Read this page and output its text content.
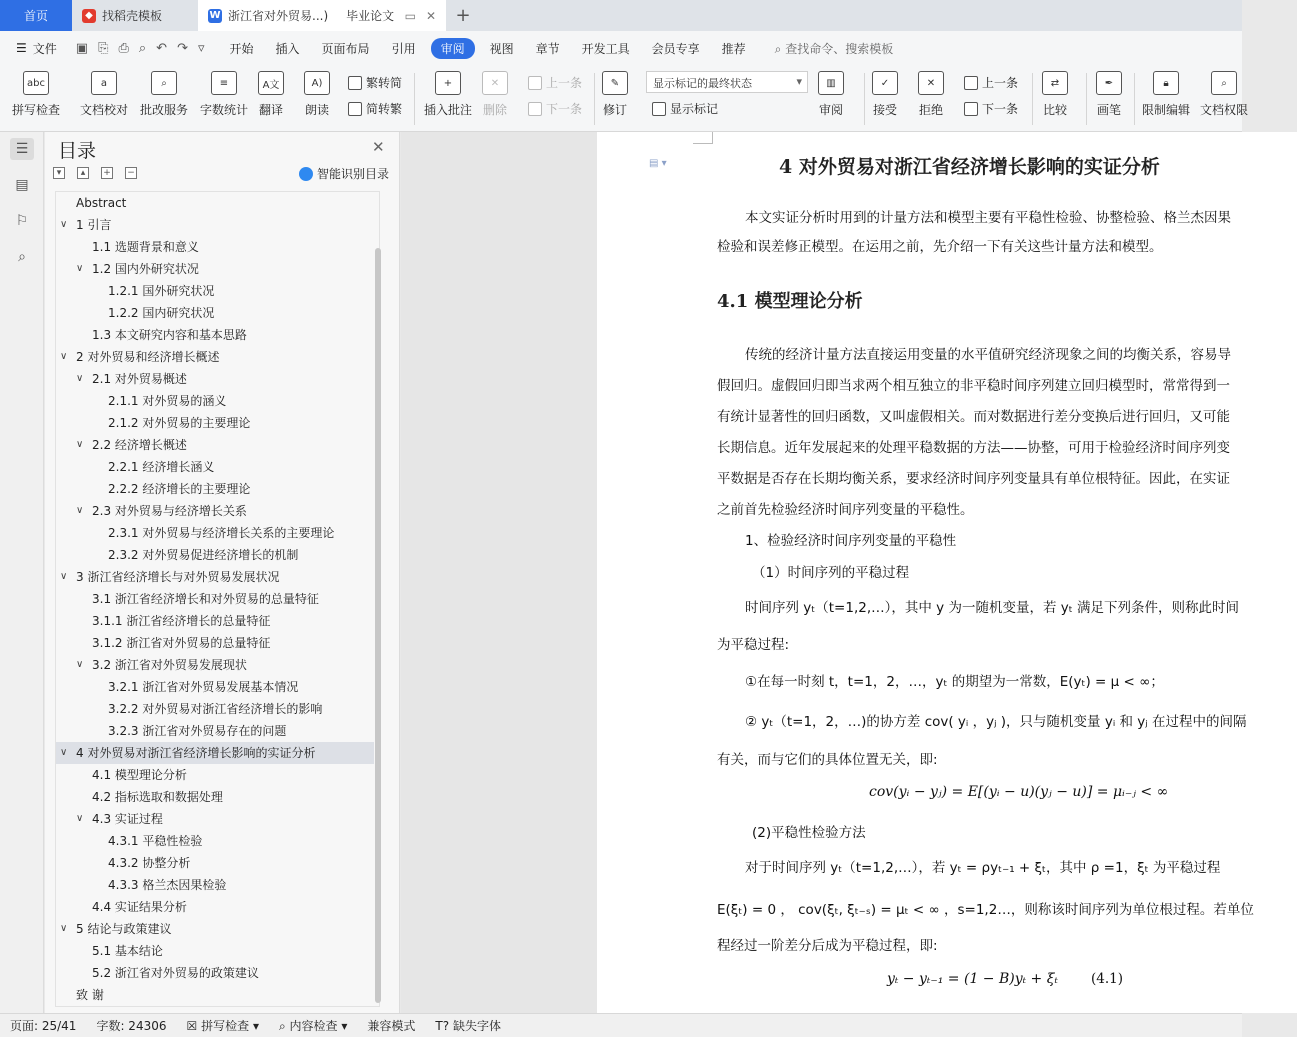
首页	◆ 找稻壳模板	W 浙江省对外贸易...) 毕业论文 ▭ ✕	+
☰ 文件 ▣ ⎘ ⎙ ⌕ ↶ ↷ ▿	开始	插入	页面布局	引用	审阅	视图	章节	开发工具	会员专享	推荐	⌕ 查找命令、搜索模板
abc
拼写检查
a
文档校对
⌕
批改服务
≡
字数统计
A文
翻译
A)
朗读
繁转简
简转繁
+
插入批注
✕
删除
上一条
下一条
✎
修订
显示标记的最终状态 ▾
显示标记
▥
审阅
✓
接受
✕
拒绝
上一条
下一条
⇄
比较
✒
画笔
🔒︎
限制编辑
⌕
文档权限
☰
▤
⚐
⌕
目录	✕
▾	▴	+ −	智能识别目录
Abstract
∨ 1 引言
1.1 选题背景和意义
∨ 1.2 国内外研究状况
1.2.1 国外研究状况
1.2.2 国内研究状况
1.3 本文研究内容和基本思路
∨ 2 对外贸易和经济增长概述
∨ 2.1 对外贸易概述
2.1.1 对外贸易的涵义
2.1.2 对外贸易的主要理论
∨ 2.2 经济增长概述
2.2.1 经济增长涵义
2.2.2 经济增长的主要理论
∨ 2.3 对外贸易与经济增长关系
2.3.1 对外贸易与经济增长关系的主要理论
2.3.2 对外贸易促进经济增长的机制
∨ 3 浙江省经济增长与对外贸易发展状况
3.1 浙江省经济增长和对外贸易的总量特征
3.1.1 浙江省经济增长的总量特征
3.1.2 浙江省对外贸易的总量特征
∨ 3.2 浙江省对外贸易发展现状
3.2.1 浙江省对外贸易发展基本情况
3.2.2 对外贸易对浙江省经济增长的影响
3.2.3 浙江省对外贸易存在的问题
∨ 4 对外贸易对浙江省经济增长影响的实证分析
4.1 模型理论分析
4.2 指标选取和数据处理
∨ 4.3 实证过程
4.3.1 平稳性检验
4.3.2 协整分析
4.3.3 格兰杰因果检验
4.4 实证结果分析
∨ 5 结论与政策建议
5.1 基本结论
5.2 浙江省对外贸易的政策建议
致 谢
▤ ▾	4 对外贸易对浙江省经济增长影响的实证分析
本文实证分析时用到的计量方法和模型主要有平稳性检验、协整检验、格兰杰因果
检验和误差修正模型。在运用之前，先介绍一下有关这些计量方法和模型。
4.1 模型理论分析
传统的经济计量方法直接运用变量的水平值研究经济现象之间的均衡关系，容易导
假回归。虚假回归即当求两个相互独立的非平稳时间序列建立回归模型时，常常得到一
有统计显著性的回归函数，又叫虚假相关。而对数据进行差分变换后进行回归，又可能
长期信息。近年发展起来的处理平稳数据的方法——协整，可用于检验经济时间序列变
平数据是否存在长期均衡关系，要求经济时间序列变量具有单位根特征。因此，在实证
之前首先检验经济时间序列变量的平稳性。
1、检验经济时间序列变量的平稳性
（1）时间序列的平稳过程
时间序列 yₜ（t=1,2,…），其中 y 为一随机变量，若 yₜ 满足下列条件，则称此时间
为平稳过程:
①在每一时刻 t，t=1，2，…，yₜ 的期望为一常数，E(yₜ) = μ < ∞；
② yₜ（t=1，2，…)的协方差 cov( yᵢ ，yⱼ )，只与随机变量 yᵢ 和 yⱼ 在过程中的间隔
有关，而与它们的具体位置无关，即:
cov(yᵢ − yⱼ) = E[(yᵢ − u)(yⱼ − u)] = μᵢ₋ⱼ < ∞
(2)平稳性检验方法
对于时间序列 yₜ（t=1,2,…），若 yₜ = ρyₜ₋₁ + ξₜ，其中 ρ =1，ξₜ 为平稳过程
E(ξₜ) = 0 ， cov(ξₜ, ξₜ₋ₛ) = μₜ < ∞ ，s=1,2…，则称该时间序列为单位根过程。若单位
程经过一阶差分后成为平稳过程，即:
yₜ − yₜ₋₁ = (1 − B)yₜ + ξₜ (4.1)
页面: 25/41	字数: 24306	☒ 拼写检查 ▾	⌕ 内容检查 ▾	兼容模式	T? 缺失字体
